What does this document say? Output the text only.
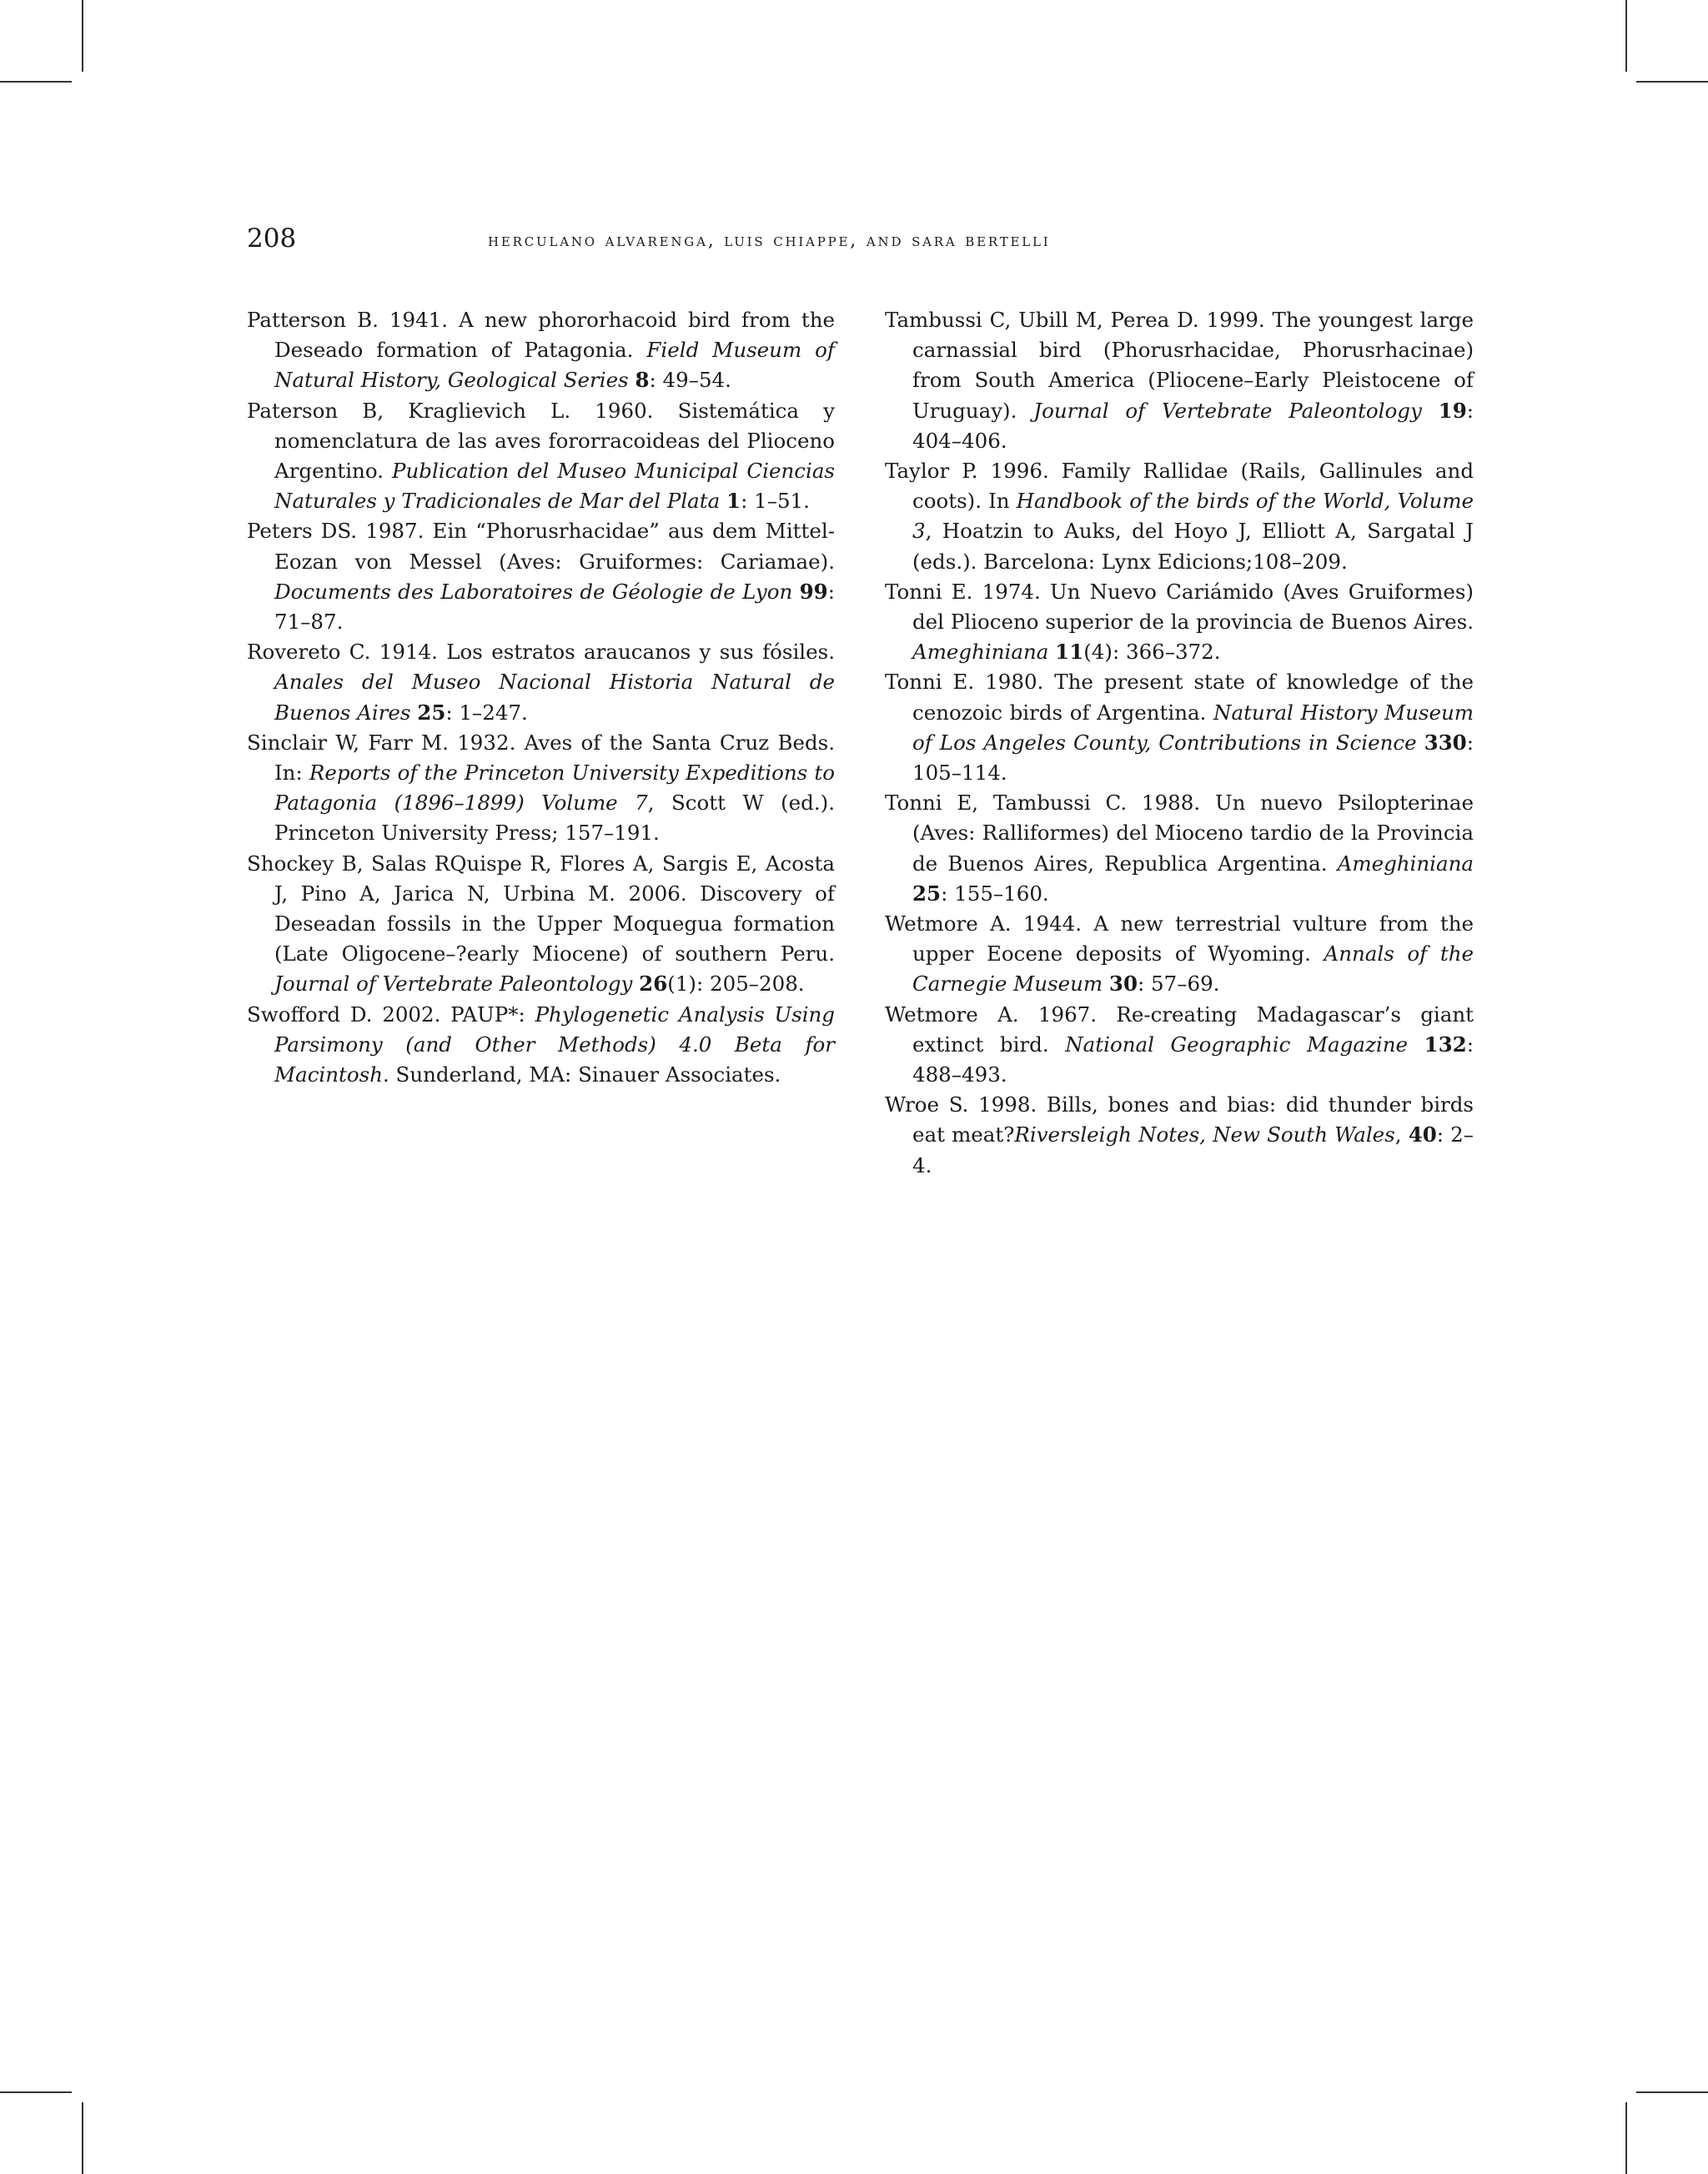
208	herculano alvarenga, luis chiappe, and sara bertelli

Patterson B. 1941. A new phororhacoid bird from the Deseado formation of Patagonia. Field Museum of Natural History, Geological Series 8: 49–54.

Paterson B, Kraglievich L. 1960. Sistemática y nomenclatura de las aves fororracoideas del Plioceno Argentino. Publication del Museo Municipal Ciencias Naturales y Tradicionales de Mar del Plata 1: 1–51.

Peters DS. 1987. Ein “Phorusrhacidae” aus dem Mittel-Eozan von Messel (Aves: Gruiformes: Cariamae). Documents des Laboratoires de Géologie de Lyon 99: 71–87.

Rovereto C. 1914. Los estratos araucanos y sus fósiles. Anales del Museo Nacional Historia Natural de Buenos Aires 25: 1–247.

Sinclair W, Farr M. 1932. Aves of the Santa Cruz Beds. In: Reports of the Princeton University Expeditions to Patagonia (1896–1899) Volume 7, Scott W (ed.). Princeton University Press; 157–191.

Shockey B, Salas RQuispe R, Flores A, Sargis E, Acosta J, Pino A, Jarica N, Urbina M. 2006. Discovery of Deseadan fossils in the Upper Moquegua formation (Late Oligocene–?early Miocene) of southern Peru. Journal of Vertebrate Paleontology 26(1): 205–208.

Swofford D. 2002. PAUP*: Phylogenetic Analysis Using Parsimony (and Other Methods) 4.0 Beta for Macintosh. Sunderland, MA: Sinauer Associates.

Tambussi C, Ubill M, Perea D. 1999. The youngest large carnassial bird (Phorusrhacidae, Phorusrhacinae) from South America (Pliocene–Early Pleistocene of Uruguay). Journal of Vertebrate Paleontology 19: 404–406.

Taylor P. 1996. Family Rallidae (Rails, Gallinules and coots). In Handbook of the birds of the World, Volume 3, Hoatzin to Auks, del Hoyo J, Elliott A, Sargatal J (eds.). Barcelona: Lynx Edicions;108–209.

Tonni E. 1974. Un Nuevo Cariámido (Aves Gruiformes) del Plioceno superior de la provincia de Buenos Aires. Ameghiniana 11(4): 366–372.

Tonni E. 1980. The present state of knowledge of the cenozoic birds of Argentina. Natural History Museum of Los Angeles County, Contributions in Science 330: 105–114.

Tonni E, Tambussi C. 1988. Un nuevo Psilopterinae (Aves: Ralliformes) del Mioceno tardio de la Provincia de Buenos Aires, Republica Argentina. Ameghiniana 25: 155–160.

Wetmore A. 1944. A new terrestrial vulture from the upper Eocene deposits of Wyoming. Annals of the Carnegie Museum 30: 57–69.

Wetmore A. 1967. Re-creating Madagascar’s giant extinct bird. National Geographic Magazine 132: 488–493.

Wroe S. 1998. Bills, bones and bias: did thunder birds eat meat?Riversleigh Notes, New South Wales, 40: 2–4.
